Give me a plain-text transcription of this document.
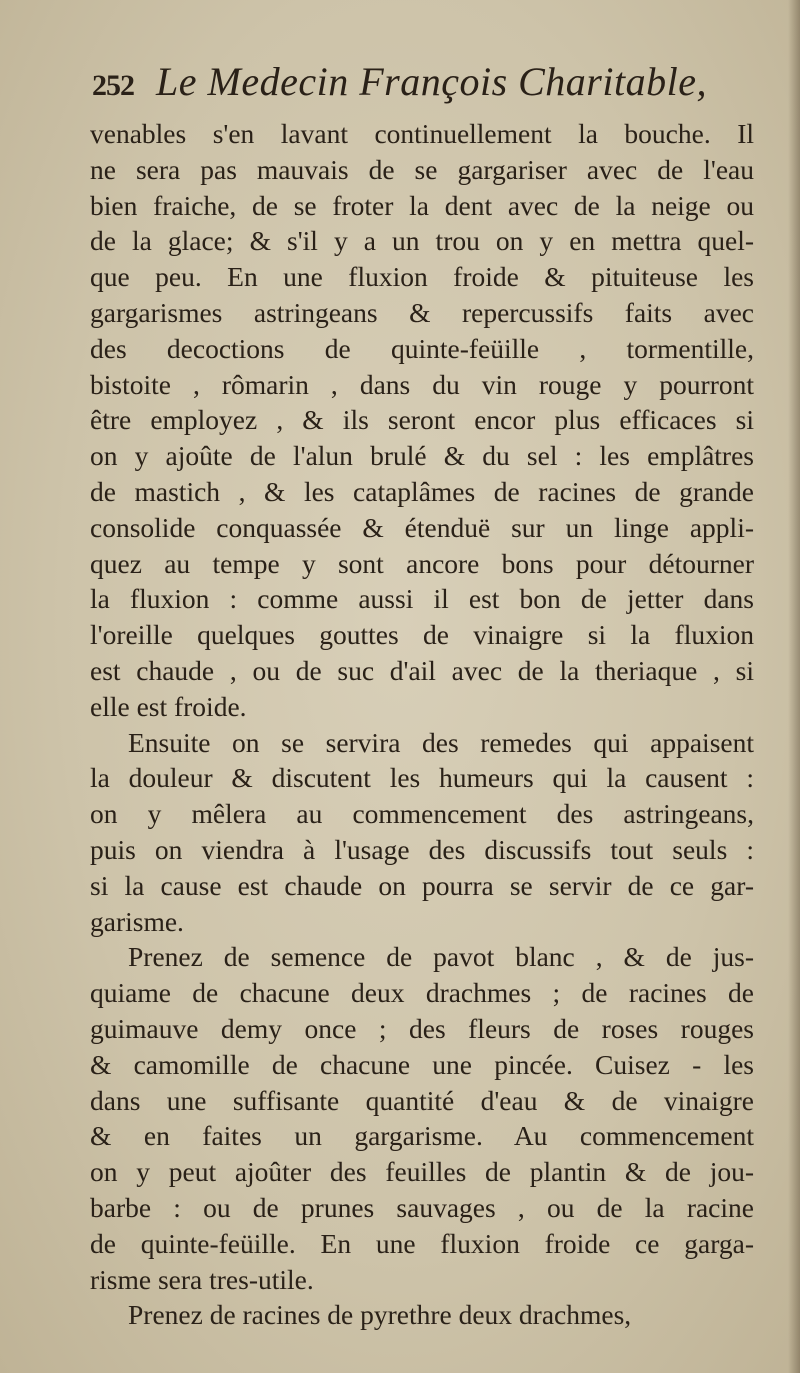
252 Le Medecin François Charitable,
venables s'en lavant continuellement la bouche. Il
ne sera pas mauvais de se gargariser avec de l'eau
bien fraiche, de se froter la dent avec de la neige ou
de la glace; & s'il y a un trou on y en mettra quel-
que peu. En une fluxion froide & pituiteuse les
gargarismes astringeans & repercussifs faits avec
des decoctions de quinte-feüille , tormentille,
bistoite , rômarin , dans du vin rouge y pourront
être employez , & ils seront encor plus efficaces si
on y ajoûte de l'alun brulé & du sel : les emplâtres
de mastich , & les cataplâmes de racines de grande
consolide conquassée & étenduë sur un linge appli-
quez au tempe y sont ancore bons pour détourner
la fluxion : comme aussi il est bon de jetter dans
l'oreille quelques gouttes de vinaigre si la fluxion
est chaude , ou de suc d'ail avec de la theriaque , si
elle est froide.
Ensuite on se servira des remedes qui appaisent
la douleur & discutent les humeurs qui la causent :
on y mêlera au commencement des astringeans,
puis on viendra à l'usage des discussifs tout seuls :
si la cause est chaude on pourra se servir de ce gar-
garisme.
Prenez de semence de pavot blanc , & de jus-
quiame de chacune deux drachmes ; de racines de
guimauve demy once ; des fleurs de roses rouges
& camomille de chacune une pincée. Cuisez - les
dans une suffisante quantité d'eau & de vinaigre
& en faites un gargarisme. Au commencement
on y peut ajoûter des feuilles de plantin & de jou-
barbe : ou de prunes sauvages , ou de la racine
de quinte-feüille. En une fluxion froide ce garga-
risme sera tres-utile.
Prenez de racines de pyrethre deux drachmes,
